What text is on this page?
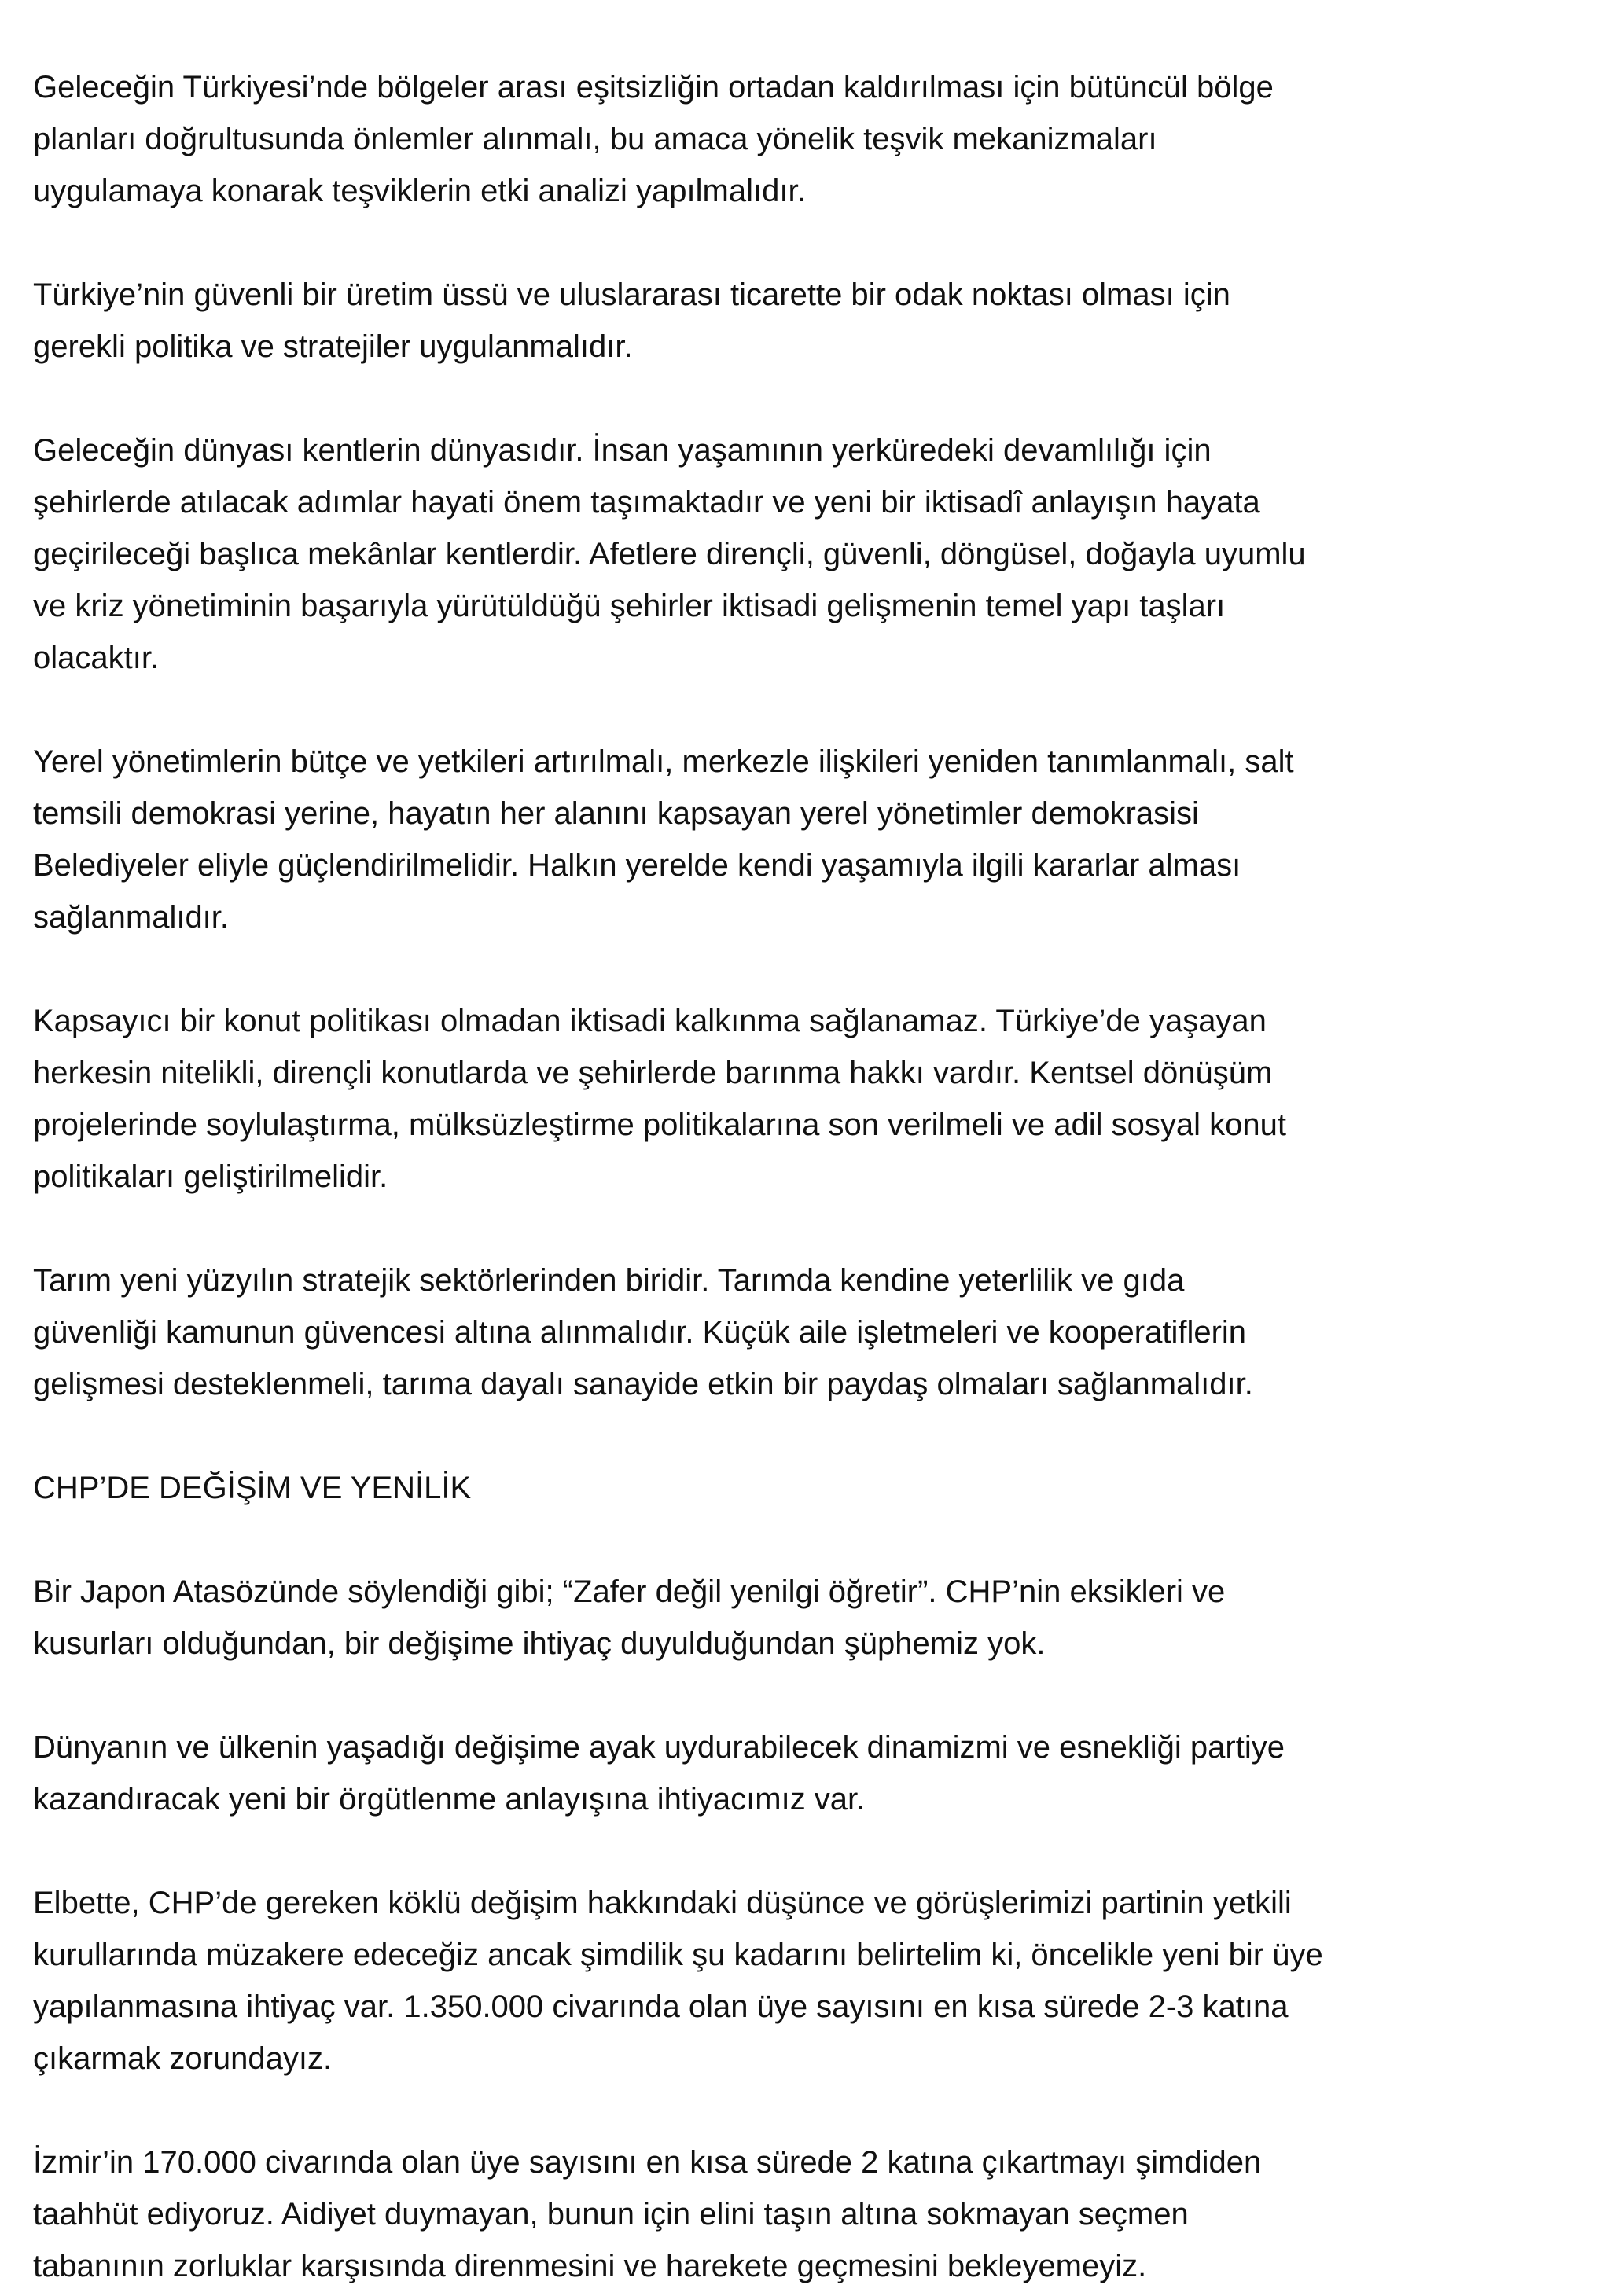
Geleceğin Türkiyesi’nde bölgeler arası eşitsizliğin ortadan kaldırılması için bütüncül bölge
planları doğrultusunda önlemler alınmalı, bu amaca yönelik teşvik mekanizmaları
uygulamaya konarak teşviklerin etki analizi yapılmalıdır.

Türkiye’nin güvenli bir üretim üssü ve uluslararası ticarette bir odak noktası olması için
gerekli politika ve stratejiler uygulanmalıdır.

Geleceğin dünyası kentlerin dünyasıdır. İnsan yaşamının yerküredeki devamlılığı için
şehirlerde atılacak adımlar hayati önem taşımaktadır ve yeni bir iktisadî anlayışın hayata
geçirileceği başlıca mekânlar kentlerdir. Afetlere dirençli, güvenli, döngüsel, doğayla uyumlu
ve kriz yönetiminin başarıyla yürütüldüğü şehirler iktisadi gelişmenin temel yapı taşları
olacaktır.

Yerel yönetimlerin bütçe ve yetkileri artırılmalı, merkezle ilişkileri yeniden tanımlanmalı, salt
temsili demokrasi yerine, hayatın her alanını kapsayan yerel yönetimler demokrasisi
Belediyeler eliyle güçlendirilmelidir. Halkın yerelde kendi yaşamıyla ilgili kararlar alması
sağlanmalıdır.

Kapsayıcı bir konut politikası olmadan iktisadi kalkınma sağlanamaz. Türkiye’de yaşayan
herkesin nitelikli, dirençli konutlarda ve şehirlerde barınma hakkı vardır. Kentsel dönüşüm
projelerinde soylulaştırma, mülksüzleştirme politikalarına son verilmeli ve adil sosyal konut
politikaları geliştirilmelidir.

Tarım yeni yüzyılın stratejik sektörlerinden biridir. Tarımda kendine yeterlilik ve gıda
güvenliği kamunun güvencesi altına alınmalıdır. Küçük aile işletmeleri ve kooperatiflerin
gelişmesi desteklenmeli, tarıma dayalı sanayide etkin bir paydaş olmaları sağlanmalıdır.

CHP’DE DEĞİŞİM VE YENİLİK

Bir Japon Atasözünde söylendiği gibi; “Zafer değil yenilgi öğretir”. CHP’nin eksikleri ve
kusurları olduğundan, bir değişime ihtiyaç duyulduğundan şüphemiz yok.

Dünyanın ve ülkenin yaşadığı değişime ayak uydurabilecek dinamizmi ve esnekliği partiye
kazandıracak yeni bir örgütlenme anlayışına ihtiyacımız var.

Elbette, CHP’de gereken köklü değişim hakkındaki düşünce ve görüşlerimizi partinin yetkili
kurullarında müzakere edeceğiz ancak şimdilik şu kadarını belirtelim ki, öncelikle yeni bir üye
yapılanmasına ihtiyaç var. 1.350.000 civarında olan üye sayısını en kısa sürede 2-3 katına
çıkarmak zorundayız.

İzmir’in 170.000 civarında olan üye sayısını en kısa sürede 2 katına çıkartmayı şimdiden
taahhüt ediyoruz. Aidiyet duymayan, bunun için elini taşın altına sokmayan seçmen
tabanının zorluklar karşısında direnmesini ve harekete geçmesini bekleyemeyiz.
